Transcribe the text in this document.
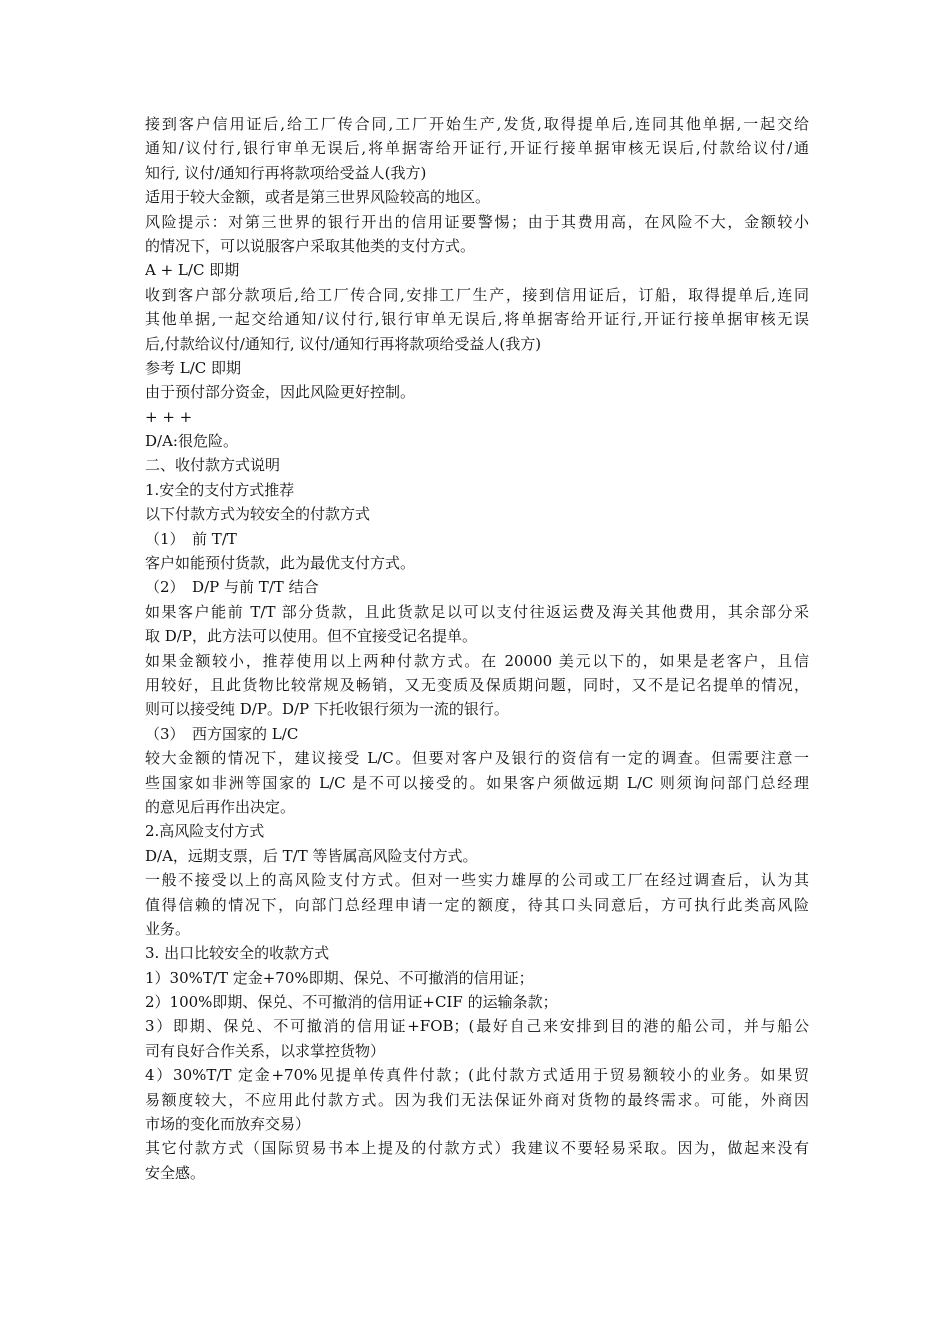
接到客户信用证后,给工厂传合同,工厂开始生产,发货,取得提单后,连同其他单据,一起交给
通知/议付行,银行审单无误后,将单据寄给开证行,开证行接单据审核无误后,付款给议付/通
知行, 议付/通知行再将款项给受益人(我方)
适用于较大金额，或者是第三世界风险较高的地区。
风险提示：对第三世界的银行开出的信用证要警惕；由于其费用高，在风险不大，金额较小
的情况下，可以说服客户采取其他类的支付方式。
A + L/C 即期
收到客户部分款项后,给工厂传合同,安排工厂生产，接到信用证后，订船，取得提单后,连同
其他单据,一起交给通知/议付行,银行审单无误后,将单据寄给开证行,开证行接单据审核无误
后,付款给议付/通知行, 议付/通知行再将款项给受益人(我方)
参考 L/C 即期
由于预付部分资金，因此风险更好控制。
+ + +
D/A:很危险。
二、收付款方式说明
1.安全的支付方式推荐
以下付款方式为较安全的付款方式
（1）　前 T/T
客户如能预付货款，此为最优支付方式。
（2）　D/P 与前 T/T 结合
如果客户能前 T/T 部分货款，且此货款足以可以支付往返运费及海关其他费用，其余部分采
取 D/P，此方法可以使用。但不宜接受记名提单。
如果金额较小，推荐使用以上两种付款方式。在 20000 美元以下的，如果是老客户，且信
用较好，且此货物比较常规及畅销，又无变质及保质期问题，同时，又不是记名提单的情况，
则可以接受纯 D/P。D/P 下托收银行须为一流的银行。
（3）　西方国家的 L/C
较大金额的情况下，建议接受 L/C。但要对客户及银行的资信有一定的调查。但需要注意一
些国家如非洲等国家的 L/C 是不可以接受的。如果客户须做远期 L/C 则须询问部门总经理
的意见后再作出决定。
2.高风险支付方式
D/A，远期支票，后 T/T 等皆属高风险支付方式。
一般不接受以上的高风险支付方式。但对一些实力雄厚的公司或工厂在经过调查后，认为其
值得信赖的情况下，向部门总经理申请一定的额度，待其口头同意后，方可执行此类高风险
业务。
3. 出口比较安全的收款方式
1）30%T/T 定金+70%即期、保兑、不可撤消的信用证；
2）100%即期、保兑、不可撤消的信用证+CIF 的运输条款；
3）即期、保兑、不可撤消的信用证+FOB；(最好自己来安排到目的港的船公司，并与船公
司有良好合作关系，以求掌控货物）
4）30%T/T 定金+70%见提单传真件付款；(此付款方式适用于贸易额较小的业务。如果贸
易额度较大，不应用此付款方式。因为我们无法保证外商对货物的最终需求。可能，外商因
市场的变化而放弃交易）
其它付款方式（国际贸易书本上提及的付款方式）我建议不要轻易采取。因为，做起来没有
安全感。
